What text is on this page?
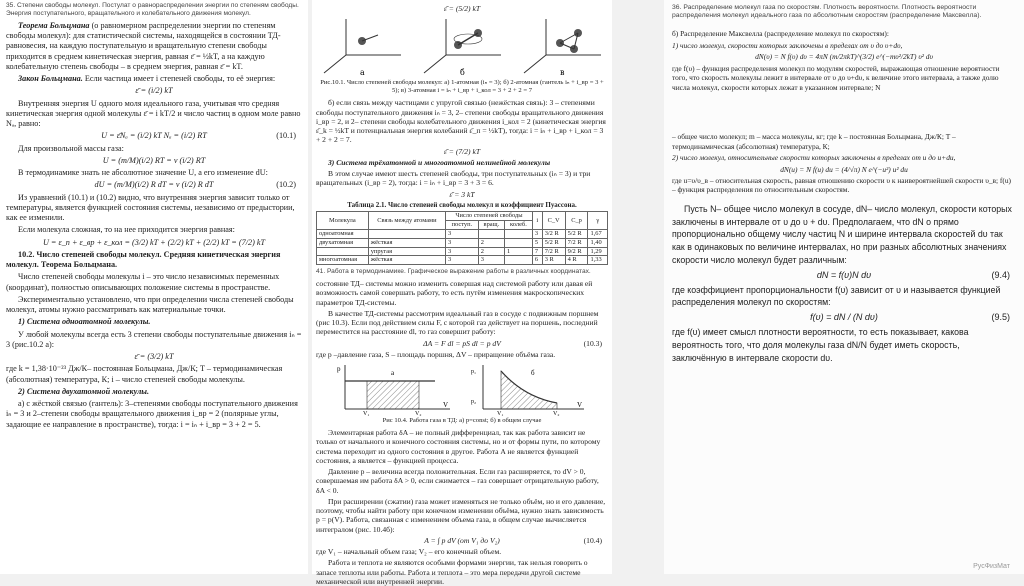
35. Степени свободы молекул. Постулат о равнораспределении энергии по степеням свободы. Энергия поступательного, вращательного и колебательного движения молекул.

Теорема Больцмана (о равномерном распределении энергии по степеням свободы молекул): для статистической системы, находящейся в состоянии ТД-равновесия, на каждую поступательную и вращательную степени свободы приходится в среднем кинетическая энергия, равная ε̄ = ½kT, а на каждую колебательную степень свободы – в среднем энергия, равная ε̄ = kT.

Закон Больцмана. Если частица имеет i степеней свободы, то её энергия:

ε̄ = (i/2) kT

Внутренняя энергия U одного моля идеального газа, учитывая что средняя кинетическая энергия одной молекулы ε̄ = i kT/2 и число частиц в одном моле равно Nₐ, равно:

U = ε̄Nₐ = (i/2) kT Nₐ = (i/2) RT	(10.1)

Для произвольной массы газа:

U = (m/M)(i/2) RT = ν (i/2) RT

В термодинамике знать не абсолютное значение U, а его изменение dU:

dU = (m/M)(i/2) R dT = ν (i/2) R dT	(10.2)

Из уравнений (10.1) и (10.2) видно, что внутренняя энергия зависит только от температуры, является функцией состояния системы, независимо от предыстории, как ее изменили.

Если молекула сложная, то на нее приходится энергия равная:

U = ε_п + ε_вр + ε_кол = (3/2) kT + (2/2) kT + (2/2) kT = (7/2) kT

10.2. Число степеней свободы молекул. Средняя кинетическая энергия молекул. Теорема Больцмана.

Число степеней свободы молекулы i – это число независимых переменных (координат), полностью описывающих положение системы в пространстве.

Экспериментально установлено, что при определении числа степеней свободы молекул, атомы нужно рассматривать как материальные точки.

1) Система одноатомной молекулы.

У любой молекулы всегда есть 3 степени свободы поступательные движения iₙ = 3 (рис.10.2 а):

ε̄ = (3/2) kT

где k = 1,38·10⁻²³ Дж/К– постоянная Больцмана, Дж/К; T – термодинамическая (абсолютная) температура, К; i – число степеней свободы молекулы.

2) Система двухатомной молекулы.

а) с жёсткой связью (гантель): 3–степенями свободы поступательного движения iₙ = 3 и 2–степени свободы вращательного движения i_вр = 2 (полярные углы, задающие ее направление в пространстве), тогда: i = iₙ + i_вр = 3 + 2 = 5.

ε̄ = (5/2) kT
а	б	в

Рис.10.1. Число степеней свободы молекул: а) 1-атомная (iₙ = 3); б) 2-атомная (гантель iₙ + i_вр = 3 + 5); в) 3-атомная i = iₙ + i_вр + i_кол = 3 + 2 + 2 = 7

б) если связь между частицами с упругой связью (нежёсткая связь): 3 – степенями свободы поступательного движения iₙ = 3, 2– степени свободы вращательного движения i_вр = 2, и 2– степени свободы колебательного движения i_кол = 2 (кинетическая энергия ε̄_k = ½kT и потенциальная энергия колебаний ε̄_п = ½kT), тогда: i = iₙ + i_вр + i_кол = 3 + 2 + 2 = 7.

ε̄ = (7/2) kT

3) Система трёхатомной и многоатомной нелинейной молекулы

В этом случае имеют шесть степеней свободы, три поступательных (iₙ = 3) и три вращательных (i_вр = 2), тогда: i = iₙ + i_вр = 3 + 3 = 6.

ε̄ = 3 kT

Таблица 2.1. Число степеней свободы молекул и коэффициент Пуассона.

Молекула	Связь между атомами	Число степеней свободы			i	C_V	C_p	γ
		поступ.	вращ.	колеб.				
одноатомная		3			3	3/2 R	5/2 R	1,67
двухатомная	жёсткая	3	2		5	5/2 R	7/2 R	1,40
	упругая	3	2	1	7	7/2 R	9/2 R	1,29
многоатомная	жёсткая	3	3		6	3 R	4 R	1,33

41. Работа в термодинамике. Графическое выражение работы в различных координатах.

состояние ТД– системы можно изменить совершая над системой работу или давая ей возможность самой совершать работу, то есть путём изменения макроскопических параметров ТД-системы.

В качестве ТД-системы рассмотрим идеальный газ в сосуде с подвижным поршнем (рис 10.3). Если под действием силы F, с которой газ действует на поршень, последний переместится на расстояние dl, то газ совершит работу:

ΔA = F dl = pS dl = p dV	(10.3)

где p –давление газа, S – площадь поршня, ΔV – приращение объёма газа.

p
V
V₁	V₂
а	p₁
p₂	V
V₁	V₂
б

Рис 10.4. Работа газа в ТД: а) p=const; б) в общем случае

Элементарная работа δA – не полный дифференциал, так как работа зависит не только от начального и конечного состояния системы, но и от формы пути, по которому система переходит из одного состояния в другое. Работа A не является функцией состояния, а является – функцией процесса.

Давление p – величина всегда положительная. Если газ расширяется, то dV > 0, совершаемая им работа δA > 0, если сжимается – газ совершает отрицательную работу, δA < 0.

При расширении (сжатии) газа может изменяться не только объём, но и его давление, поэтому, чтобы найти работу при конечном изменении объёма, нужно знать зависимость p = p(V). Работа, связанная с изменением объема газа, в общем случае вычисляется интегралом (рис. 10.4б):

A = ∫ p dV (от V₁ до V₂)	(10.4)

где V₁ – начальный объем газа; V₂ – его конечный объем.

Работа и теплота не являются особыми формами энергии, так нельзя говорить о запасе теплоты или работы. Работа и теплота – это мера передачи другой системе механической или внутренней энергии.

36. Распределение молекул газа по скоростям. Плотность вероятности. Плотность вероятности распределения молекул идеального газа по абсолютным скоростям (распределение Максвелла).

б) Распределение Максвелла (распределение молекул по скоростям):

1) число молекул, скорости которых заключены в пределах от υ до υ+dυ,

dN(υ) = N f(υ) dυ = 4πN (m/2πkT)^(3/2) e^(−mυ²/2kT) υ² dυ

где f(υ) – функция распределения молекул по модулям скоростей, выражающая отношение вероятности того, что скорость молекулы лежит в интервале от υ до υ+dυ, к величине этого интервала, а также долю числа молекул, скорости которых лежат в указанном интервале; N

– общее число молекул; m – масса молекулы, кг; где k – постоянная Больцмана, Дж/К; T – термодинамическая (абсолютная) температура, К;

2) число молекул, относительные скорости которых заключены в пределах от u до u+du,

dN(u) = N f(u) du = (4/√π) N e^(−u²) u² du

где u=υ/υ_в – относительная скорость, равная отношению скорости υ к наивероятнейшей скорости υ_в; f(u) – функция распределения по относительным скоростям.

Пусть N– общее число молекул в сосуде, dN– число молекул, скорости которых заключены в интервале от υ до υ + dυ. Предполагаем, что dN о прямо пропорционально общему числу частиц N и ширине интервала скоростей dυ так как в одинаковых по величине интервалах, но при разных абсолютных значениях скорости число молекул будет различным:

dN = f(υ)N dυ	(9.4)

где коэффициент пропорциональности f(υ) зависит от υ и называется функцией распределения молекул по скоростям:

f(υ) = dN / (N dυ)	(9.5)

где f(υ) имеет смысл плотности вероятности, то есть показывает, какова вероятность того, что доля молекулы газа dN/N будет иметь скорость, заключённую в интервале скорости dυ.

РусФизМат
